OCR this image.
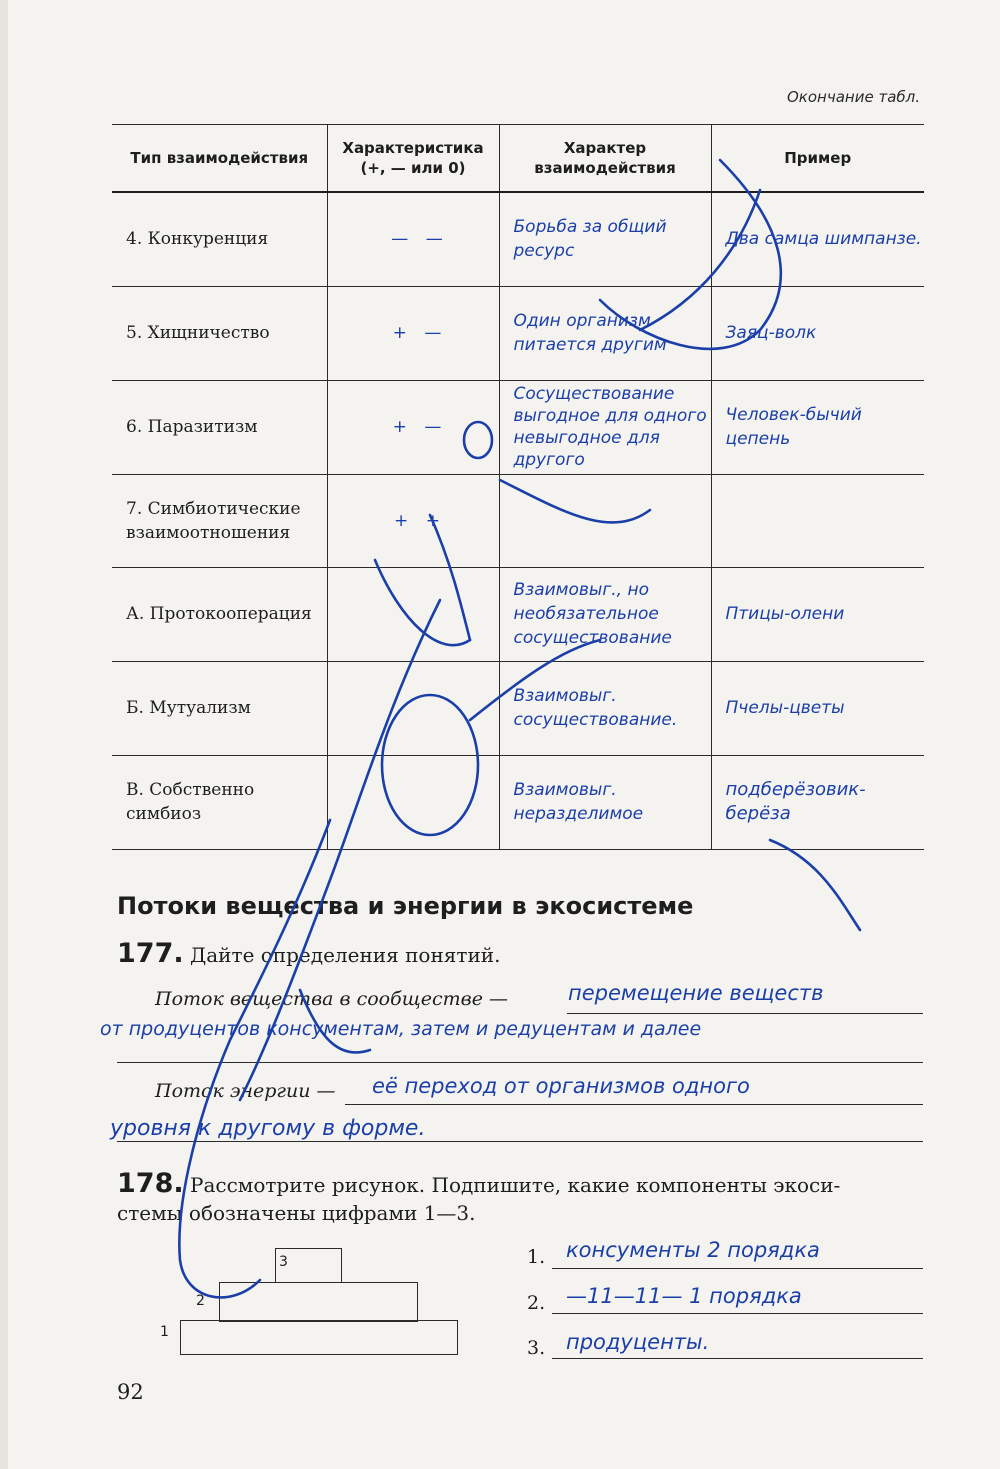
Окончание табл.
Тип взаимодействия	Характеристика (+, — или 0)	Характер взаимодействия	Пример
4. Конкуренция	— —	Борьба за общий ресурс	Два самца шимпанзе.
5. Хищничество	+ —	Один организм питается другим	Заяц-волк
6. Паразитизм	+ —	Сосуществование выгодное для одного невыгодное для другого	Человек-бычий цепень
7. Симбиотические взаимоотношения	+ +		
А. Протокооперация		Взаимовыг., но необязательное сосуществование	Птицы-олени
Б. Мутуализм		Взаимовыг. сосуществование.	Пчелы-цветы
В. Собственно симбиоз		Взаимовыг. неразделимое	подберёзовик-берёза
Потоки вещества и энергии в экосистеме
177. Дайте определения понятий.
Поток вещества в сообществе —	перемещение веществ
от продуцентов консументам, затем и редуцентам и далее
Поток энергии — её переход от организмов одного
уровня к другому в форме.
178. Рассмотрите рисунок. Подпишите, какие компоненты экоси-
стемы обозначены цифрами 1—3.
3
2
1
1. консументы 2 порядка
2. —11—11— 1 порядка
3. продуценты.
92
